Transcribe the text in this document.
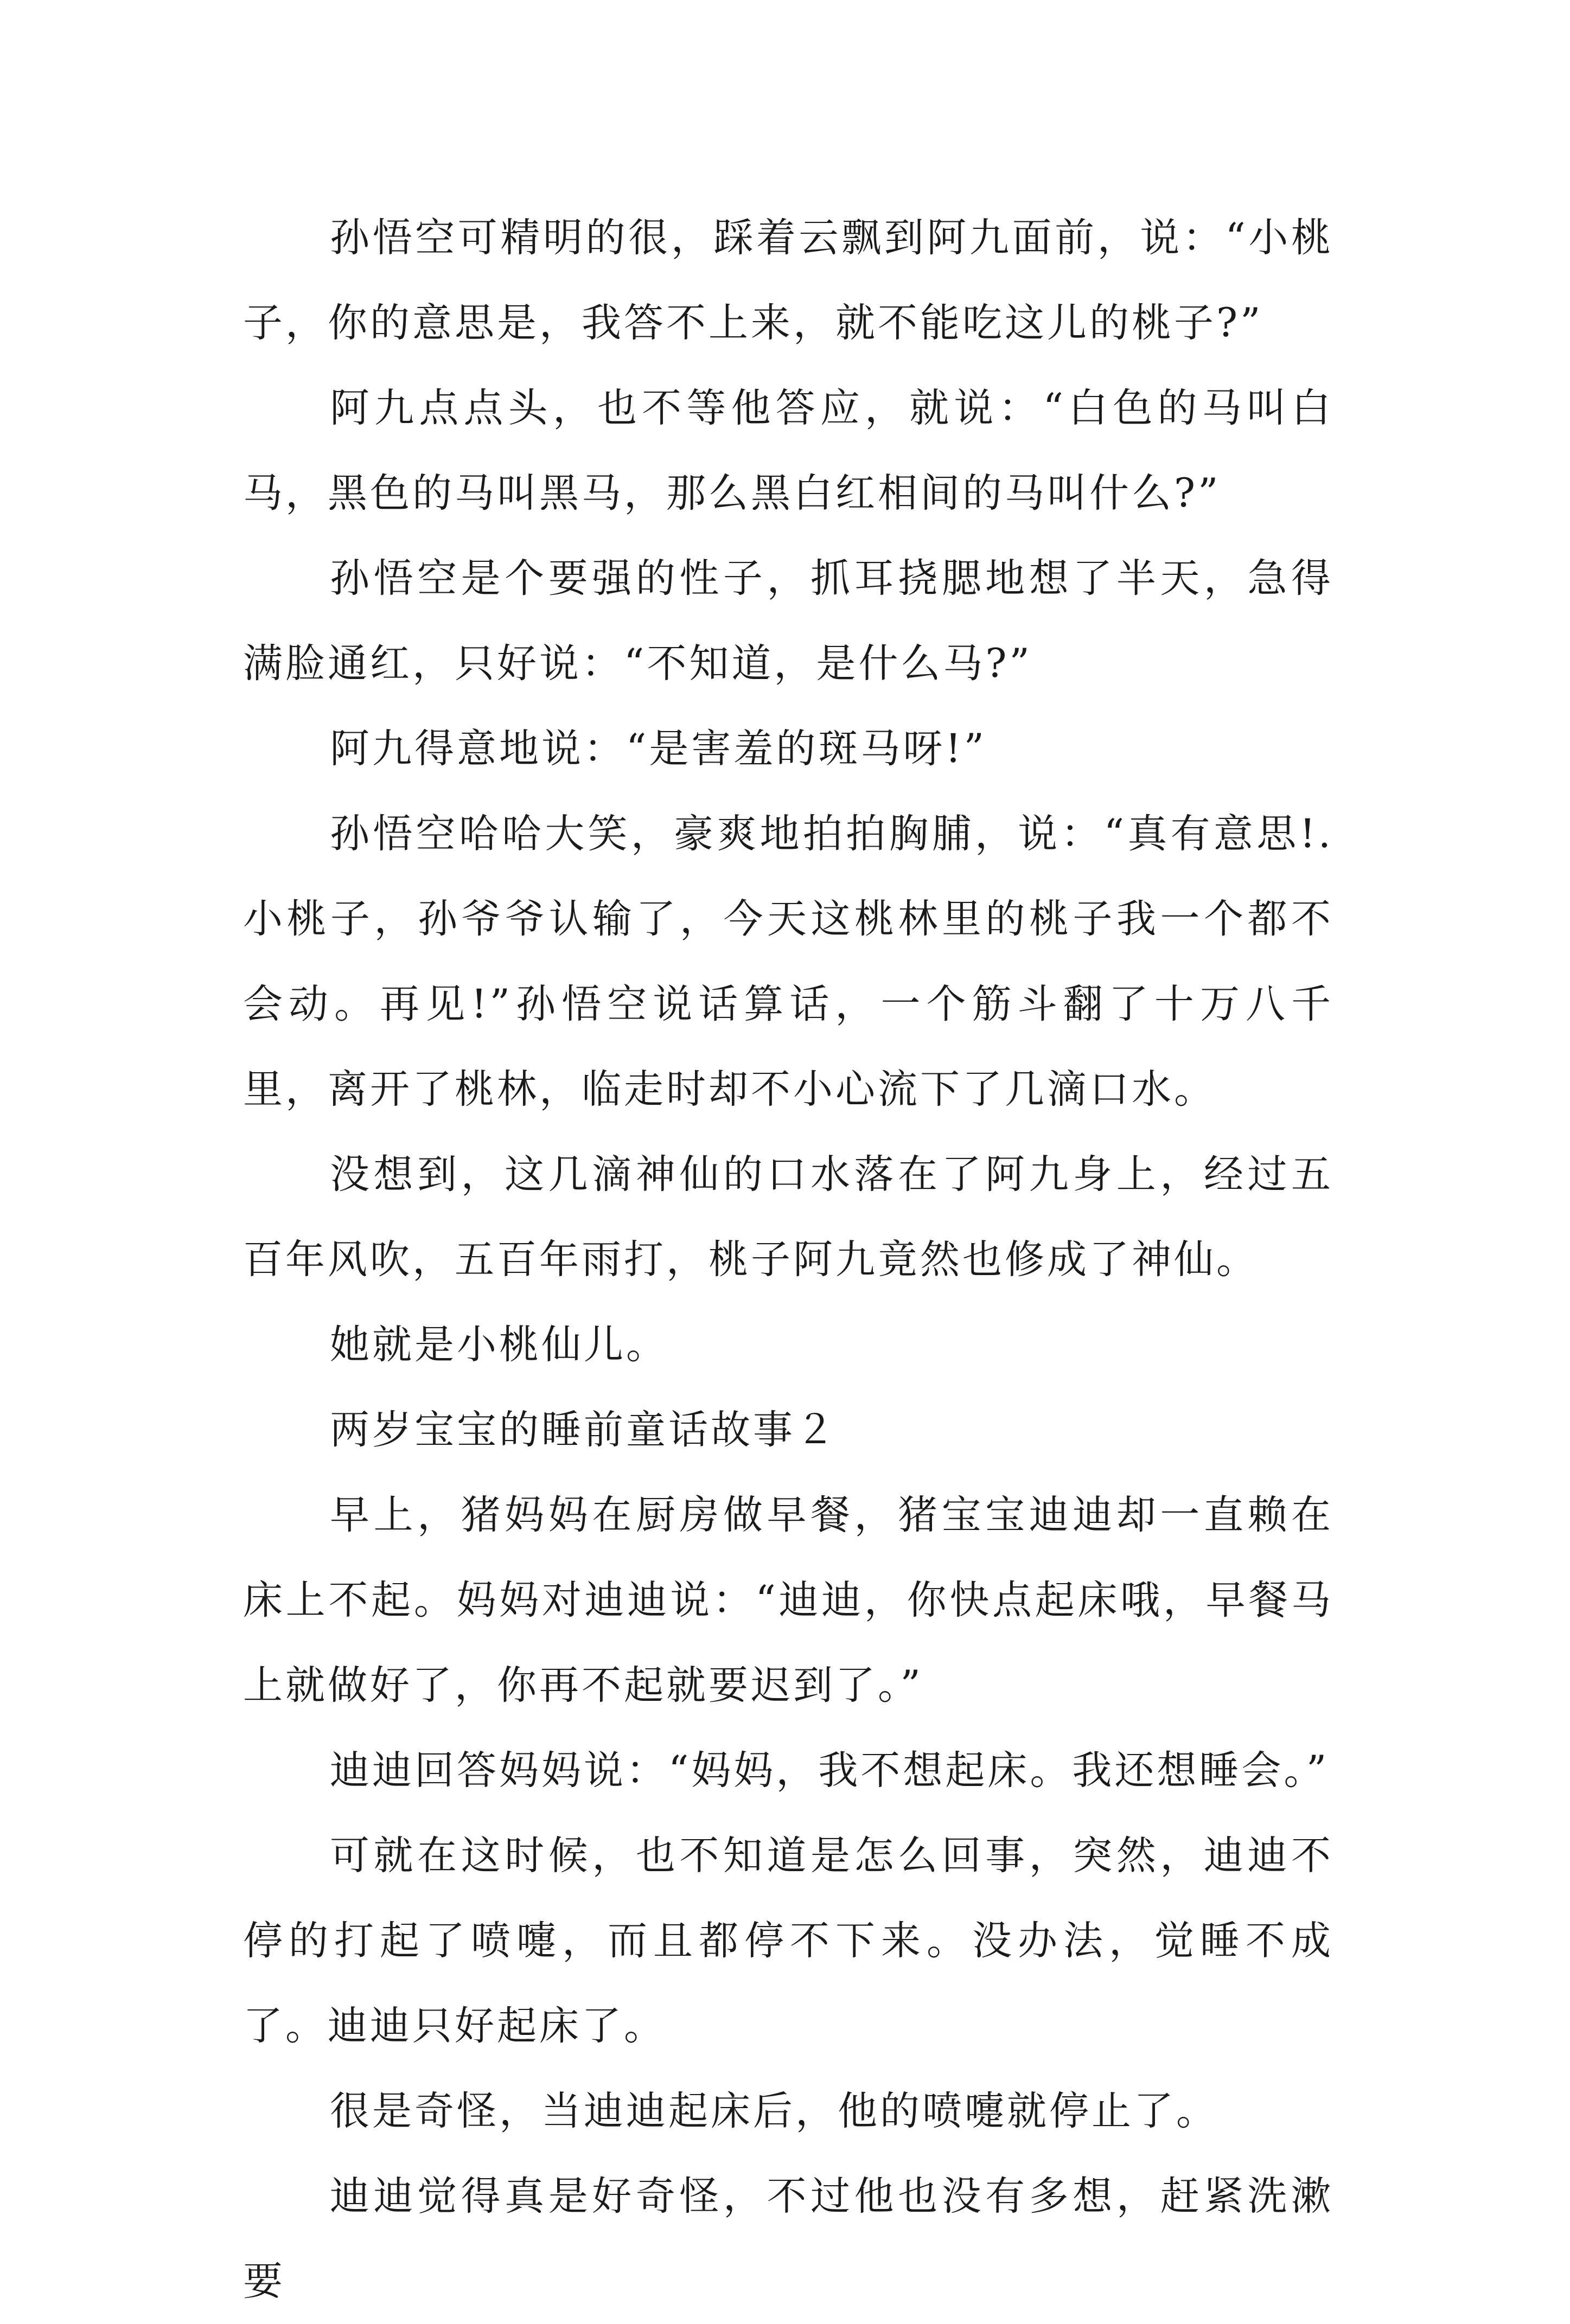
孙悟空可精明的很，踩着云飘到阿九面前，说：“小桃子，你的意思是，我答不上来，就不能吃这儿的桃子?”

阿九点点头，也不等他答应，就说：“白色的马叫白马，黑色的马叫黑马，那么黑白红相间的马叫什么?”

孙悟空是个要强的性子，抓耳挠腮地想了半天，急得满脸通红，只好说：“不知道，是什么马?”

阿九得意地说：“是害羞的斑马呀!”

孙悟空哈哈大笑，豪爽地拍拍胸脯，说：“真有意思!.小桃子，孙爷爷认输了，今天这桃林里的桃子我一个都不会动。再见!”孙悟空说话算话，一个筋斗翻了十万八千里，离开了桃林，临走时却不小心流下了几滴口水。

没想到，这几滴神仙的口水落在了阿九身上，经过五百年风吹，五百年雨打，桃子阿九竟然也修成了神仙。

她就是小桃仙儿。

两岁宝宝的睡前童话故事２

早上，猪妈妈在厨房做早餐，猪宝宝迪迪却一直赖在床上不起。妈妈对迪迪说：“迪迪，你快点起床哦，早餐马上就做好了，你再不起就要迟到了。”

迪迪回答妈妈说：“妈妈，我不想起床。我还想睡会。”

可就在这时候，也不知道是怎么回事，突然，迪迪不停的打起了喷嚏，而且都停不下来。没办法，觉睡不成了。迪迪只好起床了。

很是奇怪，当迪迪起床后，他的喷嚏就停止了。

迪迪觉得真是好奇怪，不过他也没有多想，赶紧洗漱要
